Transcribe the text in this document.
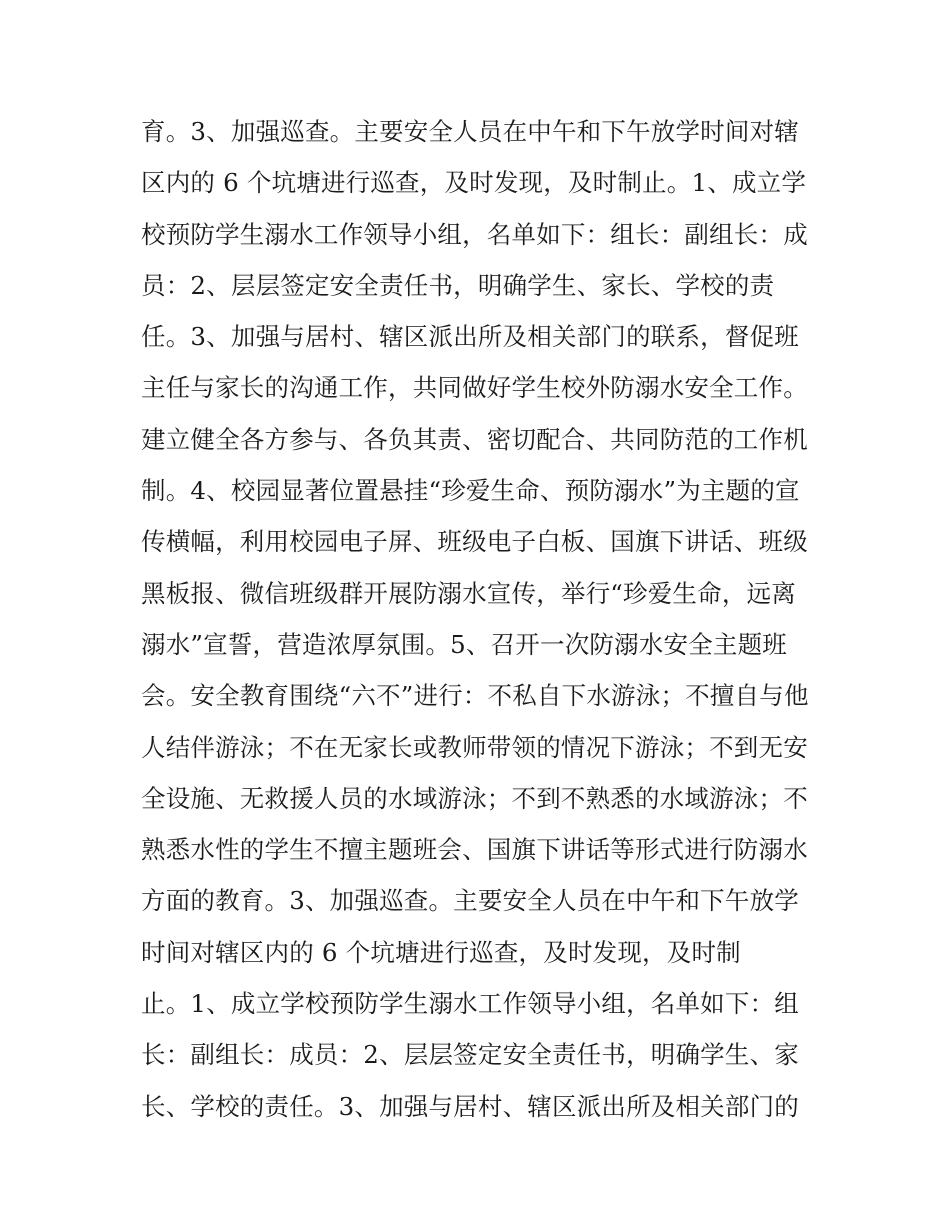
育。3、加强巡查。主要安全人员在中午和下午放学时间对辖
区内的 6 个坑塘进行巡查，及时发现，及时制止。1、成立学
校预防学生溺水工作领导小组，名单如下：组长：副组长：成
员：2、层层签定安全责任书，明确学生、家长、学校的责
任。3、加强与居村、辖区派出所及相关部门的联系，督促班
主任与家长的沟通工作，共同做好学生校外防溺水安全工作。
建立健全各方参与、各负其责、密切配合、共同防范的工作机
制。4、校园显著位置悬挂“珍爱生命、预防溺水”为主题的宣
传横幅，利用校园电子屏、班级电子白板、国旗下讲话、班级
黑板报、微信班级群开展防溺水宣传，举行“珍爱生命，远离
溺水”宣誓，营造浓厚氛围。5、召开一次防溺水安全主题班
会。安全教育围绕“六不”进行：不私自下水游泳；不擅自与他
人结伴游泳；不在无家长或教师带领的情况下游泳；不到无安
全设施、无救援人员的水域游泳；不到不熟悉的水域游泳；不
熟悉水性的学生不擅主题班会、国旗下讲话等形式进行防溺水
方面的教育。3、加强巡查。主要安全人员在中午和下午放学
时间对辖区内的 6 个坑塘进行巡查，及时发现，及时制
止。1、成立学校预防学生溺水工作领导小组，名单如下：组
长：副组长：成员：2、层层签定安全责任书，明确学生、家
长、学校的责任。3、加强与居村、辖区派出所及相关部门的
